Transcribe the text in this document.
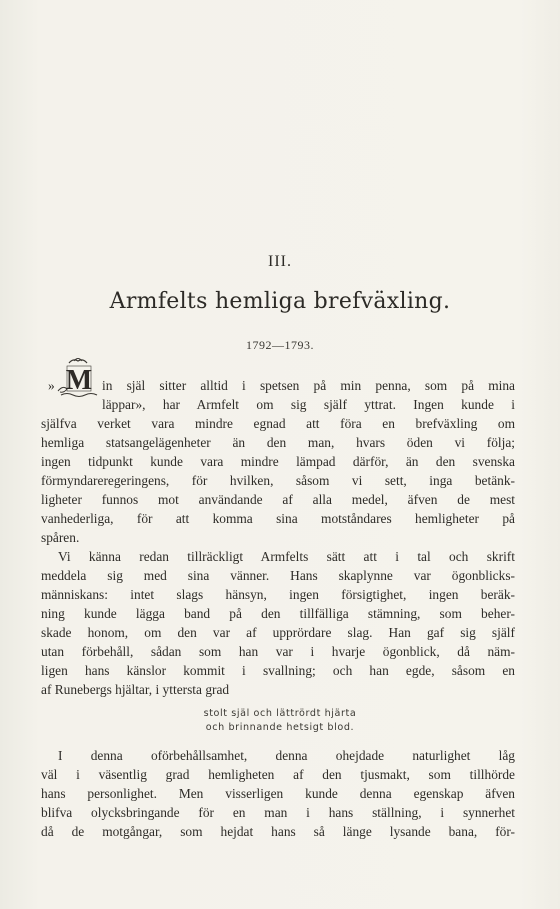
III.
Armfelts hemliga brefväxling.
1792—1793.
M
»	in själ sitter alltid i spetsen på min penna, som på mina
läppar», har Armfelt om sig själf yttrat. Ingen kunde i
själfva verket vara mindre egnad att föra en brefväxling om
hemliga statsangelägenheter än den man, hvars öden vi följa;
ingen tidpunkt kunde vara mindre lämpad därför, än den svenska
förmyndareregeringens, för hvilken, såsom vi sett, inga betänk-
ligheter funnos mot användande af alla medel, äfven de mest
vanhederliga, för att komma sina motståndares hemligheter på
spåren.
Vi känna redan tillräckligt Armfelts sätt att i tal och skrift
meddela sig med sina vänner. Hans skaplynne var ögonblicks-
människans: intet slags hänsyn, ingen försigtighet, ingen beräk-
ning kunde lägga band på den tillfälliga stämning, som beher-
skade honom, om den var af upprördare slag. Han gaf sig själf
utan förbehåll, sådan som han var i hvarje ögonblick, då näm-
ligen hans känslor kommit i svallning; och han egde, såsom en
af Runebergs hjältar, i yttersta grad
stolt själ och lättrördt hjärta
och brinnande hetsigt blod.
I denna oförbehållsamhet, denna ohejdade naturlighet låg
väl i väsentlig grad hemligheten af den tjusmakt, som tillhörde
hans personlighet. Men visserligen kunde denna egenskap äfven
blifva olycksbringande för en man i hans ställning, i synnerhet
då de motgångar, som hejdat hans så länge lysande bana, för-
